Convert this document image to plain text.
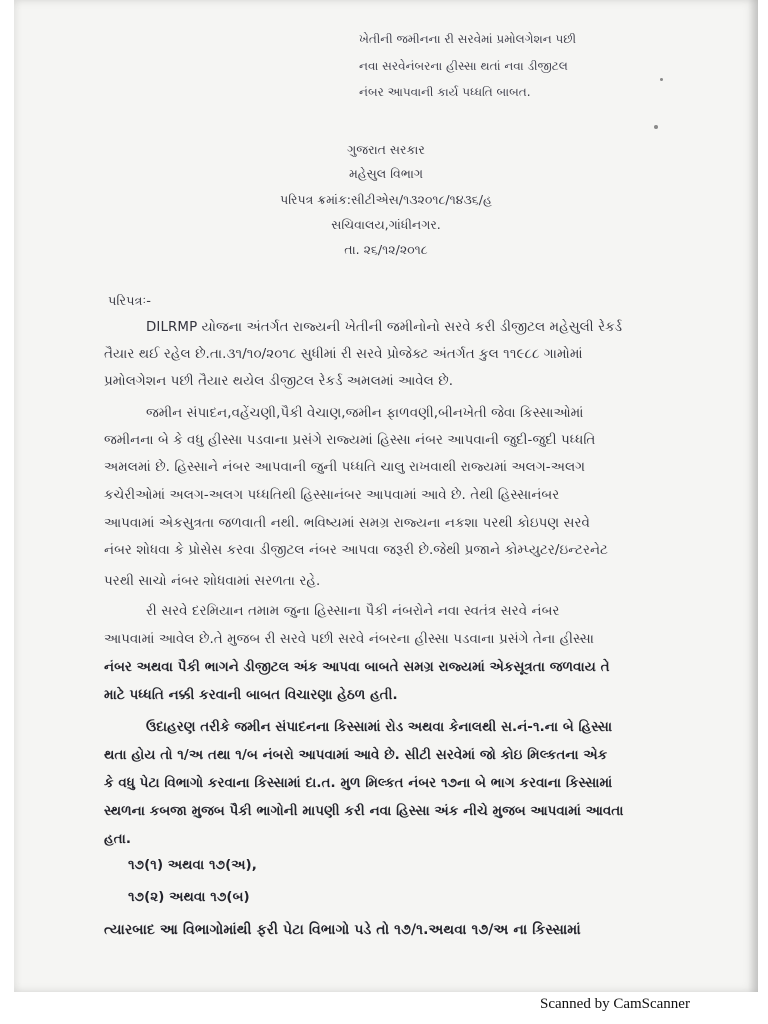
ખેતીની જમીનના રી સરવેમાં પ્રમોલગેશન પછી
નવા સરવેનંબરના હીસ્સા થતાં નવા ડીજીટલ
નંબર આપવાની કાર્ય પધ્ધતિ બાબત.
ગુજરાત સરકાર
મહેસુલ વિભાગ
પરિપત્ર ક્રમાંક:સીટીએસ/૧૩૨૦૧૮/૧૪૩૬/હ
સચિવાલય,ગાંધીનગર.
તા. ૨૬/૧૨/૨૦૧૮
પરિપત્રઃ-
DILRMP યોજના અંતર્ગત રાજ્યની ખેતીની જમીનોનો સરવે કરી ડીજીટલ મહેસુલી રેકર્ડ
તૈયાર થઈ રહેલ છે.તા.૩૧/૧૦/૨૦૧૮ સુધીમાં રી સરવે પ્રોજેક્ટ અંતર્ગત કુલ ૧૧૯૮૮ ગામોમાં
પ્રમોલગેશન પછી તૈયાર થયેલ ડીજીટલ રેકર્ડ અમલમાં આવેલ છે.
જમીન સંપાદન,વહેંચણી,પૈકી વેચાણ,જમીન ફાળવણી,બીનખેતી જેવા કિસ્સાઓમાં
જમીનના બે કે વધુ હીસ્સા પડવાના પ્રસંગે રાજ્યમાં હિસ્સા નંબર આપવાની જુદી-જુદી પધ્ધતિ
અમલમાં છે. હિસ્સાને નંબર આપવાની જુની પધ્ધતિ ચાલુ રાખવાથી રાજ્યમાં અલગ-અલગ
કચેરીઓમાં અલગ-અલગ પધ્ધતિથી હિસ્સાનંબર આપવામાં આવે છે. તેથી હિસ્સાનંબર
આપવામાં એકસુત્રતા જળવાતી નથી. ભવિષ્યમાં સમગ્ર રાજ્યના નકશા પરથી કોઇપણ સરવે
નંબર શોધવા કે પ્રોસેસ કરવા ડીજીટલ નંબર આપવા જરૂરી છે.જેથી પ્રજાને કોમ્પ્યુટર/ઇન્ટરનેટ
પરથી સાચો નંબર શોધવામાં સરળતા રહે.
રી સરવે દરમિયાન તમામ જુના હિસ્સાના પૈકી નંબરોને નવા સ્વતંત્ર સરવે નંબર
આપવામાં આવેલ છે.તે મુજબ રી સરવે પછી સરવે નંબરના હીસ્સા પડવાના પ્રસંગે તેના હીસ્સા
નંબર અથવા પૈકી ભાગને ડીજીટલ અંક આપવા બાબતે સમગ્ર રાજ્યમાં એકસૂત્રતા જળવાય તે
માટે પધ્ધતિ નક્કી કરવાની બાબત વિચારણા હેઠળ હતી.
ઉદાહરણ તરીકે જમીન સંપાદનના કિસ્સામાં રોડ અથવા કેનાલથી સ.નં-૧.ના બે હિસ્સા
થતા હોય તો ૧/અ તથા ૧/બ નંબરો આપવામાં આવે છે. સીટી સરવેમાં જો કોઇ મિલ્કતના એક
કે વધુ પેટા વિભાગો કરવાના કિસ્સામાં દા.ત. મુળ મિલ્કત નંબર ૧૭ના બે ભાગ કરવાના કિસ્સામાં
સ્થળના કબજા મુજબ પૈકી ભાગોની માપણી કરી નવા હિસ્સા અંક નીચે મુજબ આપવામાં આવતા
હતા.
૧૭(૧) અથવા ૧૭(અ),
૧૭(૨) અથવા ૧૭(બ)
ત્યારબાદ આ વિભાગોમાંથી ફરી પેટા વિભાગો પડે તો ૧૭/૧.અથવા ૧૭/અ ના કિસ્સામાં
Scanned by CamScanner
